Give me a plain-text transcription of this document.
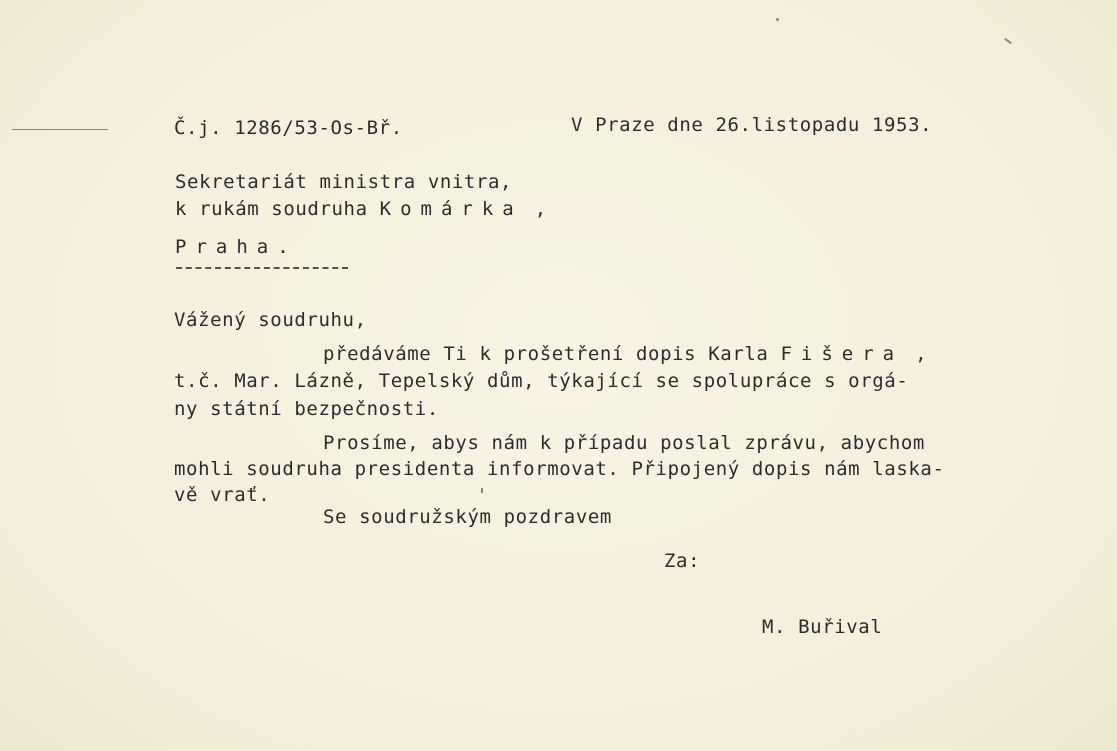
Č.j. 1286/53-Os-Bř.	V Praze dne 26.listopadu 1953.
Sekretariát ministra vnitra,
k rukám soudruha Komárka ,
Praha.
Vážený soudruhu,
předáváme Ti k prošetření dopis Karla Fišera ,
t.č. Mar. Lázně, Tepelský dům, týkající se spolupráce s orgá-
ny státní bezpečnosti.
Prosíme, abys nám k případu poslal zprávu, abychom
mohli soudruha presidenta informovat. Připojený dopis nám laska-
vě vrať.
Se soudružským pozdravem
Za:
M. Buřival
